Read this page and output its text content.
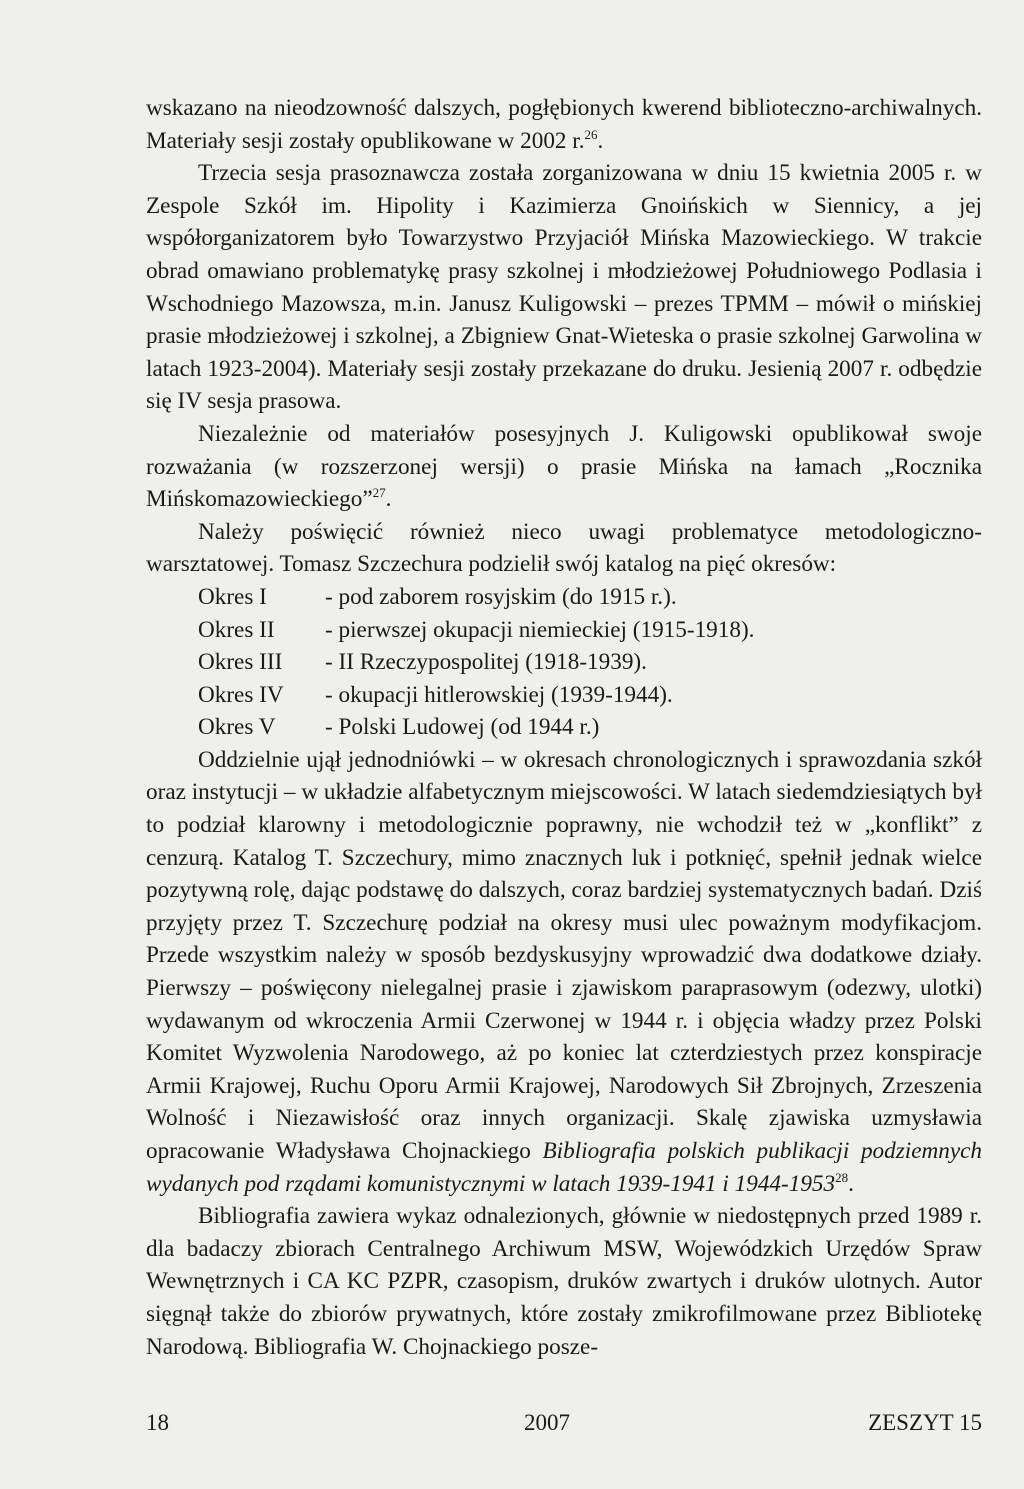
wskazano na nieodzowność dalszych, pogłębionych kwerend biblioteczno-archiwalnych. Materiały sesji zostały opublikowane w 2002 r.$^{26}$.

Trzecia sesja prasoznawcza została zorganizowana w dniu 15 kwietnia 2005 r. w Zespole Szkół im. Hipolity i Kazimierza Gnoińskich w Siennicy, a jej współorganizatorem było Towarzystwo Przyjaciół Mińska Mazowieckiego. W trakcie obrad omawiano problematykę prasy szkolnej i młodzieżowej Południowego Podlasia i Wschodniego Mazowsza, m.in. Janusz Kuligowski – prezes TPMM – mówił o mińskiej prasie młodzieżowej i szkolnej, a Zbigniew Gnat-Wieteska o prasie szkolnej Garwolina w latach 1923-2004). Materiały sesji zostały przekazane do druku. Jesienią 2007 r. odbędzie się IV sesja prasowa.

Niezależnie od materiałów posesyjnych J. Kuligowski opublikował swoje rozważania (w rozszerzonej wersji) o prasie Mińska na łamach „Rocznika Mińskomazowieckiego”$^{27}$.

Należy poświęcić również nieco uwagi problematyce metodologiczno-warsztatowej. Tomasz Szczechura podzielił swój katalog na pięć okresów:

Okres I	- pod zaborem rosyjskim (do 1915 r.).
Okres II	- pierwszej okupacji niemieckiej (1915-1918).
Okres III	- II Rzeczypospolitej (1918-1939).
Okres IV	- okupacji hitlerowskiej (1939-1944).
Okres V	- Polski Ludowej (od 1944 r.)

Oddzielnie ujął jednodniówki – w okresach chronologicznych i sprawozdania szkół oraz instytucji – w układzie alfabetycznym miejscowości. W latach siedemdziesiątych był to podział klarowny i metodologicznie poprawny, nie wchodził też w „konflikt” z cenzurą. Katalog T. Szczechury, mimo znacznych luk i potknięć, spełnił jednak wielce pozytywną rolę, dając podstawę do dalszych, coraz bardziej systematycznych badań. Dziś przyjęty przez T. Szczechurę podział na okresy musi ulec poważnym modyfikacjom. Przede wszystkim należy w sposób bezdyskusyjny wprowadzić dwa dodatkowe działy. Pierwszy – poświęcony nielegalnej prasie i zjawiskom paraprasowym (odezwy, ulotki) wydawanym od wkroczenia Armii Czerwonej w 1944 r. i objęcia władzy przez Polski Komitet Wyzwolenia Narodowego, aż po koniec lat czterdziestych przez konspiracje Armii Krajowej, Ruchu Oporu Armii Krajowej, Narodowych Sił Zbrojnych, Zrzeszenia Wolność i Niezawisłość oraz innych organizacji. Skalę zjawiska uzmysławia opracowanie Władysława Chojnackiego Bibliografia polskich publikacji podziemnych wydanych pod rządami komunistycznymi w latach 1939-1941 i 1944-1953$^{28}$.

Bibliografia zawiera wykaz odnalezionych, głównie w niedostępnych przed 1989 r. dla badaczy zbiorach Centralnego Archiwum MSW, Wojewódzkich Urzędów Spraw Wewnętrznych i CA KC PZPR, czasopism, druków zwartych i druków ulotnych. Autor sięgnął także do zbiorów prywatnych, które zostały zmikrofilmowane przez Bibliotekę Narodową. Bibliografia W. Chojnackiego posze-

18	2007	ZESZYT 15
